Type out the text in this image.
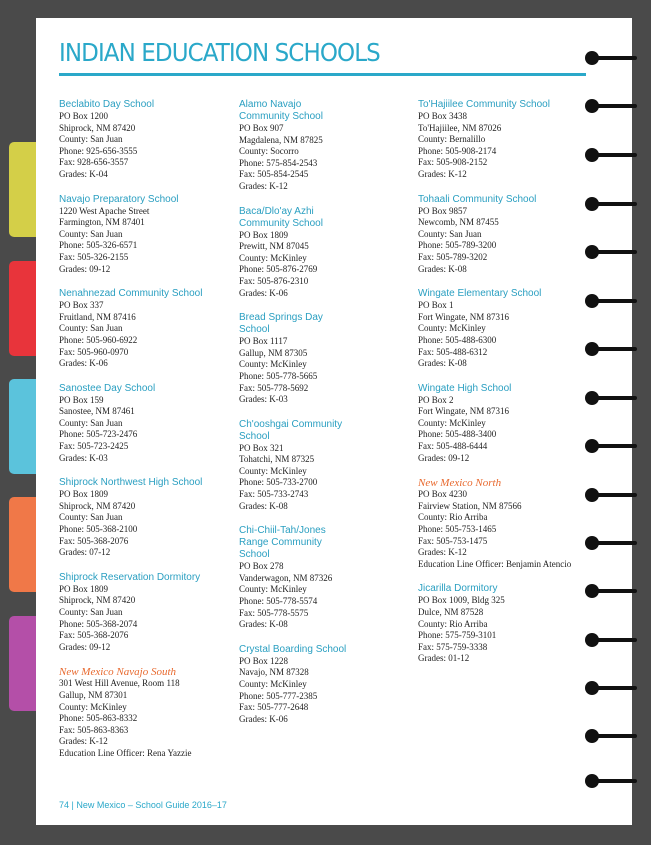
INDIAN EDUCATION SCHOOLS
Beclabito Day School
PO Box 1200
Shiprock, NM 87420
County: San Juan
Phone: 925-656-3555
Fax: 928-656-3557
Grades: K-04
Navajo Preparatory School
1220 West Apache Street
Farmington, NM 87401
County: San Juan
Phone: 505-326-6571
Fax: 505-326-2155
Grades: 09-12
Nenahnezad Community School
PO Box 337
Fruitland, NM 87416
County: San Juan
Phone: 505-960-6922
Fax: 505-960-0970
Grades: K-06
Sanostee Day School
PO Box 159
Sanostee, NM 87461
County: San Juan
Phone: 505-723-2476
Fax: 505-723-2425
Grades: K-03
Shiprock Northwest High School
PO Box 1809
Shiprock, NM 87420
County: San Juan
Phone: 505-368-2100
Fax: 505-368-2076
Grades: 07-12
Shiprock Reservation Dormitory
PO Box 1809
Shiprock, NM 87420
County: San Juan
Phone: 505-368-2074
Fax: 505-368-2076
Grades: 09-12
New Mexico Navajo South
301 West Hill Avenue, Room 118
Gallup, NM 87301
County: McKinley
Phone: 505-863-8332
Fax: 505-863-8363
Grades: K-12
Education Line Officer: Rena Yazzie
Alamo Navajo Community School
PO Box 907
Magdalena, NM 87825
County: Socorro
Phone: 575-854-2543
Fax: 505-854-2545
Grades: K-12
Baca/Dlo'ay Azhi Community School
PO Box 1809
Prewitt, NM 87045
County: McKinley
Phone: 505-876-2769
Fax: 505-876-2310
Grades: K-06
Bread Springs Day School
PO Box 1117
Gallup, NM 87305
County: McKinley
Phone: 505-778-5665
Fax: 505-778-5692
Grades: K-03
Ch'ooshgai Community School
PO Box 321
Tohatchi, NM 87325
County: McKinley
Phone: 505-733-2700
Fax: 505-733-2743
Grades: K-08
Chi-Chiil-Tah/Jones Range Community School
PO Box 278
Vanderwagon, NM 87326
County: McKinley
Phone: 505-778-5574
Fax: 505-778-5575
Grades: K-08
Crystal Boarding School
PO Box 1228
Navajo, NM 87328
County: McKinley
Phone: 505-777-2385
Fax: 505-777-2648
Grades: K-06
To'Hajiilee Community School
PO Box 3438
To'Hajiilee, NM 87026
County: Bernalillo
Phone: 505-908-2174
Fax: 505-908-2152
Grades: K-12
Tohaali Community School
PO Box 9857
Newcomb, NM 87455
County: San Juan
Phone: 505-789-3200
Fax: 505-789-3202
Grades: K-08
Wingate Elementary School
PO Box 1
Fort Wingate, NM 87316
County: McKinley
Phone: 505-488-6300
Fax: 505-488-6312
Grades: K-08
Wingate High School
PO Box 2
Fort Wingate, NM 87316
County: McKinley
Phone: 505-488-3400
Fax: 505-488-6444
Grades: 09-12
New Mexico North
PO Box 4230
Fairview Station, NM 87566
County: Rio Arriba
Phone: 505-753-1465
Fax: 505-753-1475
Grades: K-12
Education Line Officer: Benjamin Atencio
Jicarilla Dormitory
PO Box 1009, Bldg 325
Dulce, NM 87528
County: Rio Arriba
Phone: 575-759-3101
Fax: 575-759-3338
Grades: 01-12
74 | New Mexico – School Guide 2016–17
